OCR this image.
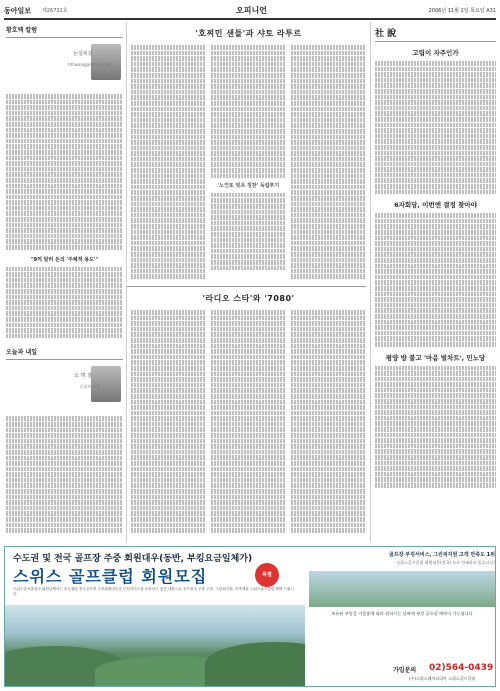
동아일보 제26722호	오피니언	2006년 11월 2일 목요일 A31
황호택 칼럼
논설위원
hthwang@donga.com
"9억 달러 돈의 '주체적 용도'"
오늘과 내일
오 명 철
문화부 부장
'호찌민 샌들'과 샤토 라투르
'노인또 빗츠 칭찬' 독립투기
'라디오 스타'와 '7080'
社 說
고립이 자주인가
6자회담, 이번엔 결정 찾아야
평양 방 불고 '마음 벌차트', 민노당
수도권 및 전국 골프장 주중 회원대우(동반, 부킹요금일체가)
스위스 골프클럽 회원모집	특별
스위스골프클럽의 회원님께서는 수도권및 전국골프장 주중회원대우및 부킹서비스를 보장하고 좋은 내용으로 골프장주 주중 주말, 그린피지원, 숙박제휴 스위스골프클럽 혜택 드립니다.
골프장 부킹서비스, 그린피지원 고객 만족도 1위
스위스골프클럽 회원님은(전국) 모두 만족하고 있습니다!
보유된 부킹을 거뭄홈에 따라 원하시는 날짜에 부킹 골프장 예약이 가능합니다
가입문의 02)564-0439
(주)스위스레저코리아 스위스골프클럽
